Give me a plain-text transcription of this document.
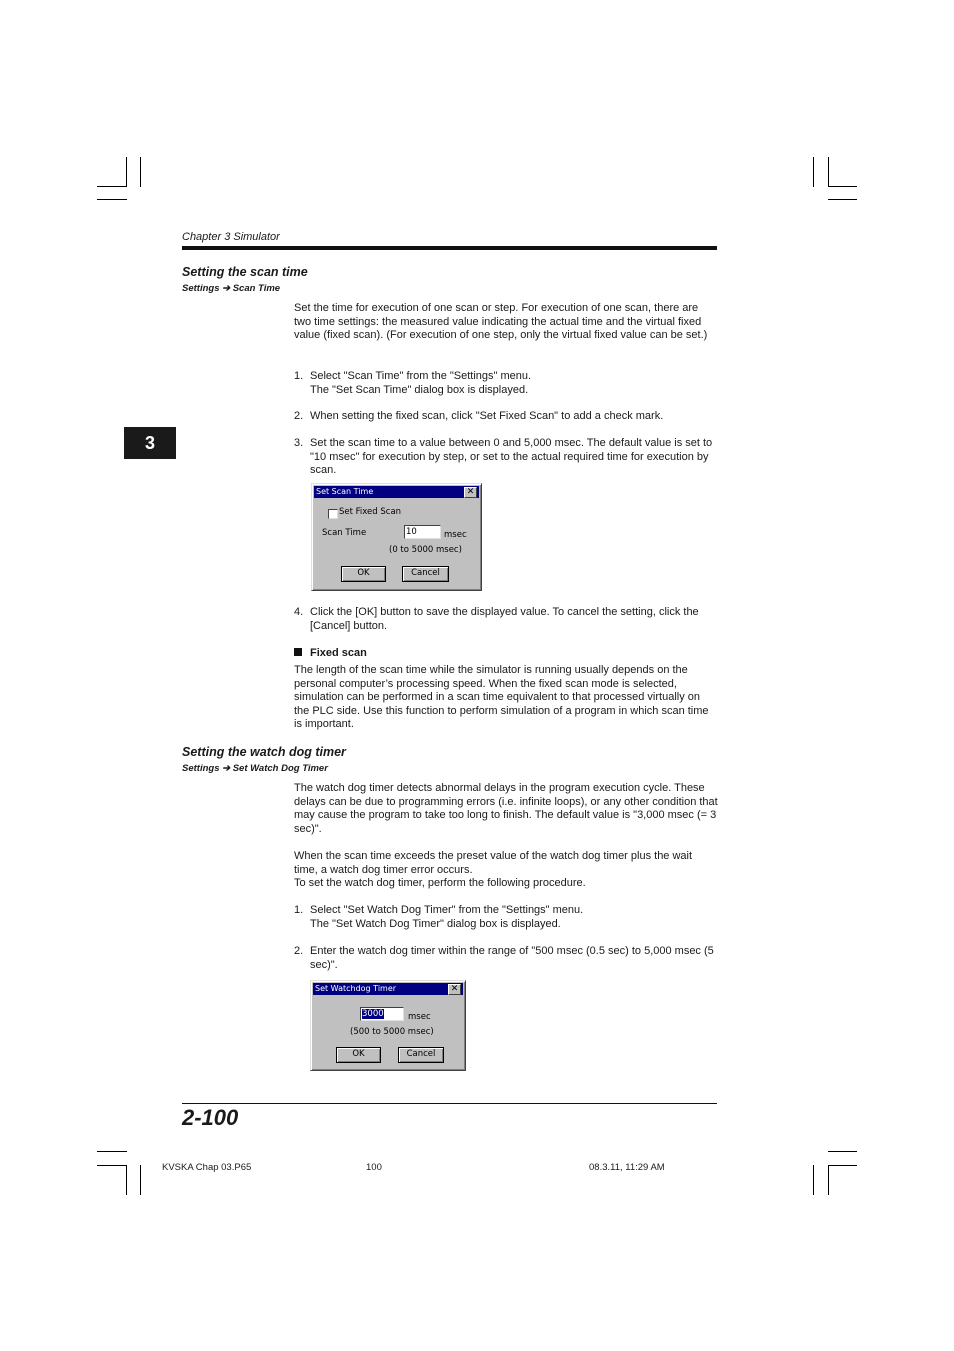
Chapter 3 Simulator
3
Setting the scan time
Settings ➔ Scan Time
Set the time for execution of one scan or step. For execution of one scan, there are two time settings: the measured value indicating the actual time and the virtual fixed value (fixed scan). (For execution of one step, only the virtual fixed value can be set.)
1. Select "Scan Time" from the "Settings" menu.
The "Set Scan Time" dialog box is displayed.
2. When setting the fixed scan, click "Set Fixed Scan" to add a check mark.
3. Set the scan time to a value between 0 and 5,000 msec. The default value is set to "10 msec" for execution by step, or set to the actual required time for execution by scan.
Set Scan Time	✕
Set Fixed Scan
Scan Time	10	msec
(0 to 5000 msec)
OK	Cancel
4. Click the [OK] button to save the displayed value. To cancel the setting, click the [Cancel] button.
Fixed scan
The length of the scan time while the simulator is running usually depends on the personal computer’s processing speed. When the fixed scan mode is selected, simulation can be performed in a scan time equivalent to that processed virtually on the PLC side. Use this function to perform simulation of a program in which scan time is important.
Setting the watch dog timer
Settings ➔ Set Watch Dog Timer
The watch dog timer detects abnormal delays in the program execution cycle. These delays can be due to programming errors (i.e. infinite loops), or any other condition that may cause the program to take too long to finish. The default value is "3,000 msec (= 3 sec)".
When the scan time exceeds the preset value of the watch dog timer plus the wait time, a watch dog timer error occurs.
To set the watch dog timer, perform the following procedure.
1. Select "Set Watch Dog Timer" from the "Settings" menu.
The "Set Watch Dog Timer" dialog box is displayed.
2. Enter the watch dog timer within the range of "500 msec (0.5 sec) to 5,000 msec (5 sec)".
Set Watchdog Timer	✕
3000	msec
(500 to 5000 msec)
OK	Cancel
2-100
KVSKA Chap 03.P65	100	08.3.11, 11:29 AM
